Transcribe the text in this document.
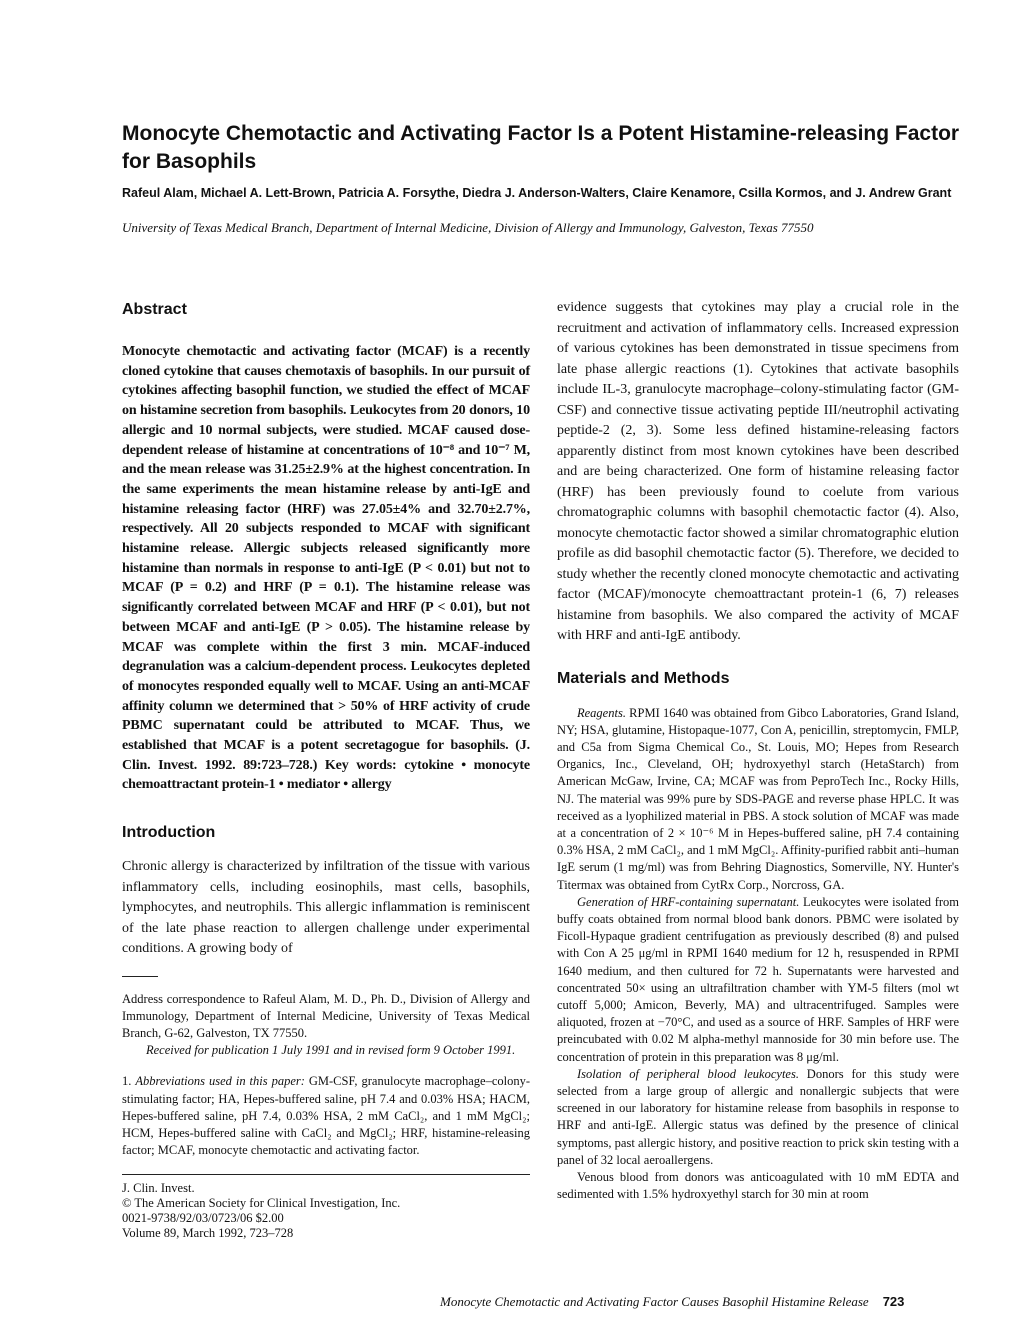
Monocyte Chemotactic and Activating Factor Is a Potent Histamine-releasing Factor for Basophils

Rafeul Alam, Michael A. Lett-Brown, Patricia A. Forsythe, Diedra J. Anderson-Walters, Claire Kenamore, Csilla Kormos, and J. Andrew Grant

University of Texas Medical Branch, Department of Internal Medicine, Division of Allergy and Immunology, Galveston, Texas 77550

Abstract

Monocyte chemotactic and activating factor (MCAF) is a recently cloned cytokine that causes chemotaxis of basophils. In our pursuit of cytokines affecting basophil function, we studied the effect of MCAF on histamine secretion from basophils. Leukocytes from 20 donors, 10 allergic and 10 normal subjects, were studied. MCAF caused dose-dependent release of histamine at concentrations of 10⁻⁸ and 10⁻⁷ M, and the mean release was 31.25±2.9% at the highest concentration. In the same experiments the mean histamine release by anti-IgE and histamine releasing factor (HRF) was 27.05±4% and 32.70±2.7%, respectively. All 20 subjects responded to MCAF with significant histamine release. Allergic subjects released significantly more histamine than normals in response to anti-IgE (P < 0.01) but not to MCAF (P = 0.2) and HRF (P = 0.1). The histamine release was significantly correlated between MCAF and HRF (P < 0.01), but not between MCAF and anti-IgE (P > 0.05). The histamine release by MCAF was complete within the first 3 min. MCAF-induced degranulation was a calcium-dependent process. Leukocytes depleted of monocytes responded equally well to MCAF. Using an anti-MCAF affinity column we determined that > 50% of HRF activity of crude PBMC supernatant could be attributed to MCAF. Thus, we established that MCAF is a potent secretagogue for basophils. (J. Clin. Invest. 1992. 89:723–728.) Key words: cytokine • monocyte chemoattractant protein-1 • mediator • allergy

Introduction

Chronic allergy is characterized by infiltration of the tissue with various inflammatory cells, including eosinophils, mast cells, basophils, lymphocytes, and neutrophils. This allergic inflammation is reminiscent of the late phase reaction to allergen challenge under experimental conditions. A growing body of

Address correspondence to Rafeul Alam, M. D., Ph. D., Division of Allergy and Immunology, Department of Internal Medicine, University of Texas Medical Branch, G-62, Galveston, TX 77550.

Received for publication 1 July 1991 and in revised form 9 October 1991.

1. Abbreviations used in this paper: GM-CSF, granulocyte macrophage–colony-stimulating factor; HA, Hepes-buffered saline, pH 7.4 and 0.03% HSA; HACM, Hepes-buffered saline, pH 7.4, 0.03% HSA, 2 mM CaCl₂, and 1 mM MgCl₂; HCM, Hepes-buffered saline with CaCl₂ and MgCl₂; HRF, histamine-releasing factor; MCAF, monocyte chemotactic and activating factor.

J. Clin. Invest.

© The American Society for Clinical Investigation, Inc.

0021-9738/92/03/0723/06 $2.00

Volume 89, March 1992, 723–728

evidence suggests that cytokines may play a crucial role in the recruitment and activation of inflammatory cells. Increased expression of various cytokines has been demonstrated in tissue specimens from late phase allergic reactions (1). Cytokines that activate basophils include IL-3, granulocyte macrophage–colony-stimulating factor (GM-CSF) and connective tissue activating peptide III/neutrophil activating peptide-2 (2, 3). Some less defined histamine-releasing factors apparently distinct from most known cytokines have been described and are being characterized. One form of histamine releasing factor (HRF) has been previously found to coelute from various chromatographic columns with basophil chemotactic factor (4). Also, monocyte chemotactic factor showed a similar chromatographic elution profile as did basophil chemotactic factor (5). Therefore, we decided to study whether the recently cloned monocyte chemotactic and activating factor (MCAF)/monocyte chemoattractant protein-1 (6, 7) releases histamine from basophils. We also compared the activity of MCAF with HRF and anti-IgE antibody.

Materials and Methods

Reagents. RPMI 1640 was obtained from Gibco Laboratories, Grand Island, NY; HSA, glutamine, Histopaque-1077, Con A, penicillin, streptomycin, FMLP, and C5a from Sigma Chemical Co., St. Louis, MO; Hepes from Research Organics, Inc., Cleveland, OH; hydroxyethyl starch (HetaStarch) from American McGaw, Irvine, CA; MCAF was from PeproTech Inc., Rocky Hills, NJ. The material was 99% pure by SDS-PAGE and reverse phase HPLC. It was received as a lyophilized material in PBS. A stock solution of MCAF was made at a concentration of 2 × 10⁻⁶ M in Hepes-buffered saline, pH 7.4 containing 0.3% HSA, 2 mM CaCl₂, and 1 mM MgCl₂. Affinity-purified rabbit anti–human IgE serum (1 mg/ml) was from Behring Diagnostics, Somerville, NY. Hunter's Titermax was obtained from CytRx Corp., Norcross, GA.

Generation of HRF-containing supernatant. Leukocytes were isolated from buffy coats obtained from normal blood bank donors. PBMC were isolated by Ficoll-Hypaque gradient centrifugation as previously described (8) and pulsed with Con A 25 μg/ml in RPMI 1640 medium for 12 h, resuspended in RPMI 1640 medium, and then cultured for 72 h. Supernatants were harvested and concentrated 50× using an ultrafiltration chamber with YM-5 filters (mol wt cutoff 5,000; Amicon, Beverly, MA) and ultracentrifuged. Samples were aliquoted, frozen at −70°C, and used as a source of HRF. Samples of HRF were preincubated with 0.02 M alpha-methyl mannoside for 30 min before use. The concentration of protein in this preparation was 8 μg/ml.

Isolation of peripheral blood leukocytes. Donors for this study were selected from a large group of allergic and nonallergic subjects that were screened in our laboratory for histamine release from basophils in response to HRF and anti-IgE. Allergic status was defined by the presence of clinical symptoms, past allergic history, and positive reaction to prick skin testing with a panel of 32 local aeroallergens.

Venous blood from donors was anticoagulated with 10 mM EDTA and sedimented with 1.5% hydroxyethyl starch for 30 min at room

Monocyte Chemotactic and Activating Factor Causes Basophil Histamine Release 723
